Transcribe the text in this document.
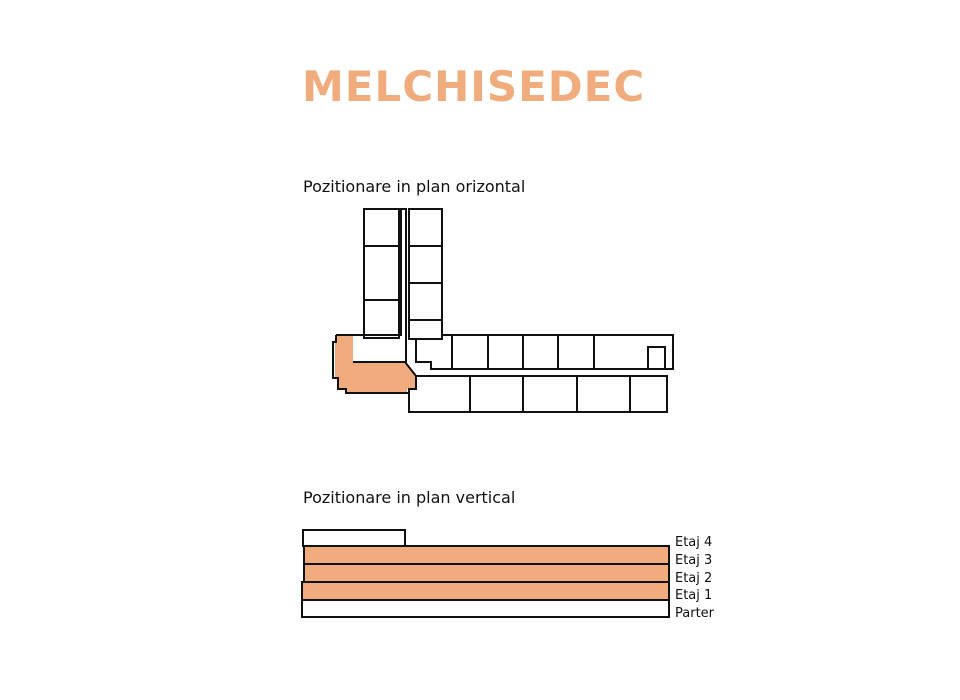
MELCHISEDEC
Pozitionare in plan orizontal
Pozitionare in plan vertical
Etaj 4
Etaj 3
Etaj 2
Etaj 1
Parter
